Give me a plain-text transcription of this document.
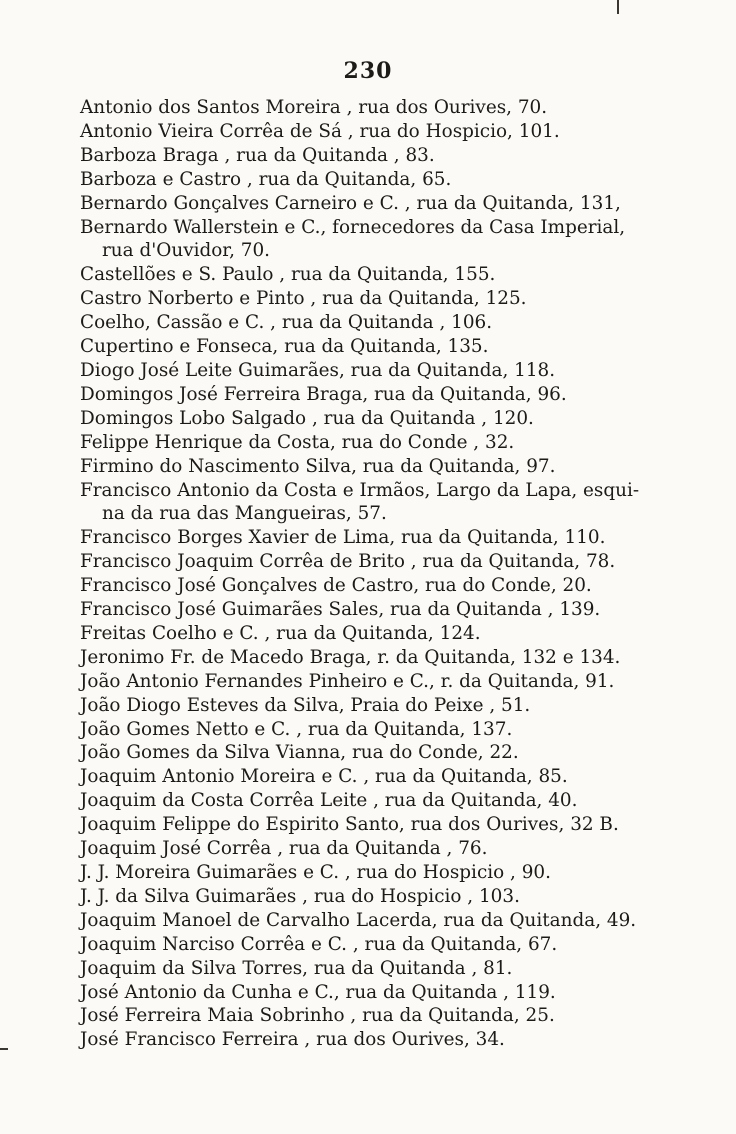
230
Antonio dos Santos Moreira , rua dos Ourives, 70.
Antonio Vieira Corrêa de Sá , rua do Hospicio, 101.
Barboza Braga , rua da Quitanda , 83.
Barboza e Castro , rua da Quitanda, 65.
Bernardo Gonçalves Carneiro e C. , rua da Quitanda, 131,
Bernardo Wallerstein e C., fornecedores da Casa Imperial,
rua d'Ouvidor, 70.
Castellões e S. Paulo , rua da Quitanda, 155.
Castro Norberto e Pinto , rua da Quitanda, 125.
Coelho, Cassão e C. , rua da Quitanda , 106.
Cupertino e Fonseca, rua da Quitanda, 135.
Diogo José Leite Guimarães, rua da Quitanda, 118.
Domingos José Ferreira Braga, rua da Quitanda, 96.
Domingos Lobo Salgado , rua da Quitanda , 120.
Felippe Henrique da Costa, rua do Conde , 32.
Firmino do Nascimento Silva, rua da Quitanda, 97.
Francisco Antonio da Costa e Irmãos, Largo da Lapa, esqui-
na da rua das Mangueiras, 57.
Francisco Borges Xavier de Lima, rua da Quitanda, 110.
Francisco Joaquim Corrêa de Brito , rua da Quitanda, 78.
Francisco José Gonçalves de Castro, rua do Conde, 20.
Francisco José Guimarães Sales, rua da Quitanda , 139.
Freitas Coelho e C. , rua da Quitanda, 124.
Jeronimo Fr. de Macedo Braga, r. da Quitanda, 132 e 134.
João Antonio Fernandes Pinheiro e C., r. da Quitanda, 91.
João Diogo Esteves da Silva, Praia do Peixe , 51.
João Gomes Netto e C. , rua da Quitanda, 137.
João Gomes da Silva Vianna, rua do Conde, 22.
Joaquim Antonio Moreira e C. , rua da Quitanda, 85.
Joaquim da Costa Corrêa Leite , rua da Quitanda, 40.
Joaquim Felippe do Espirito Santo, rua dos Ourives, 32 B.
Joaquim José Corrêa , rua da Quitanda , 76.
J. J. Moreira Guimarães e C. , rua do Hospicio , 90.
J. J. da Silva Guimarães , rua do Hospicio , 103.
Joaquim Manoel de Carvalho Lacerda, rua da Quitanda, 49.
Joaquim Narciso Corrêa e C. , rua da Quitanda, 67.
Joaquim da Silva Torres, rua da Quitanda , 81.
José Antonio da Cunha e C., rua da Quitanda , 119.
José Ferreira Maia Sobrinho , rua da Quitanda, 25.
José Francisco Ferreira , rua dos Ourives, 34.
